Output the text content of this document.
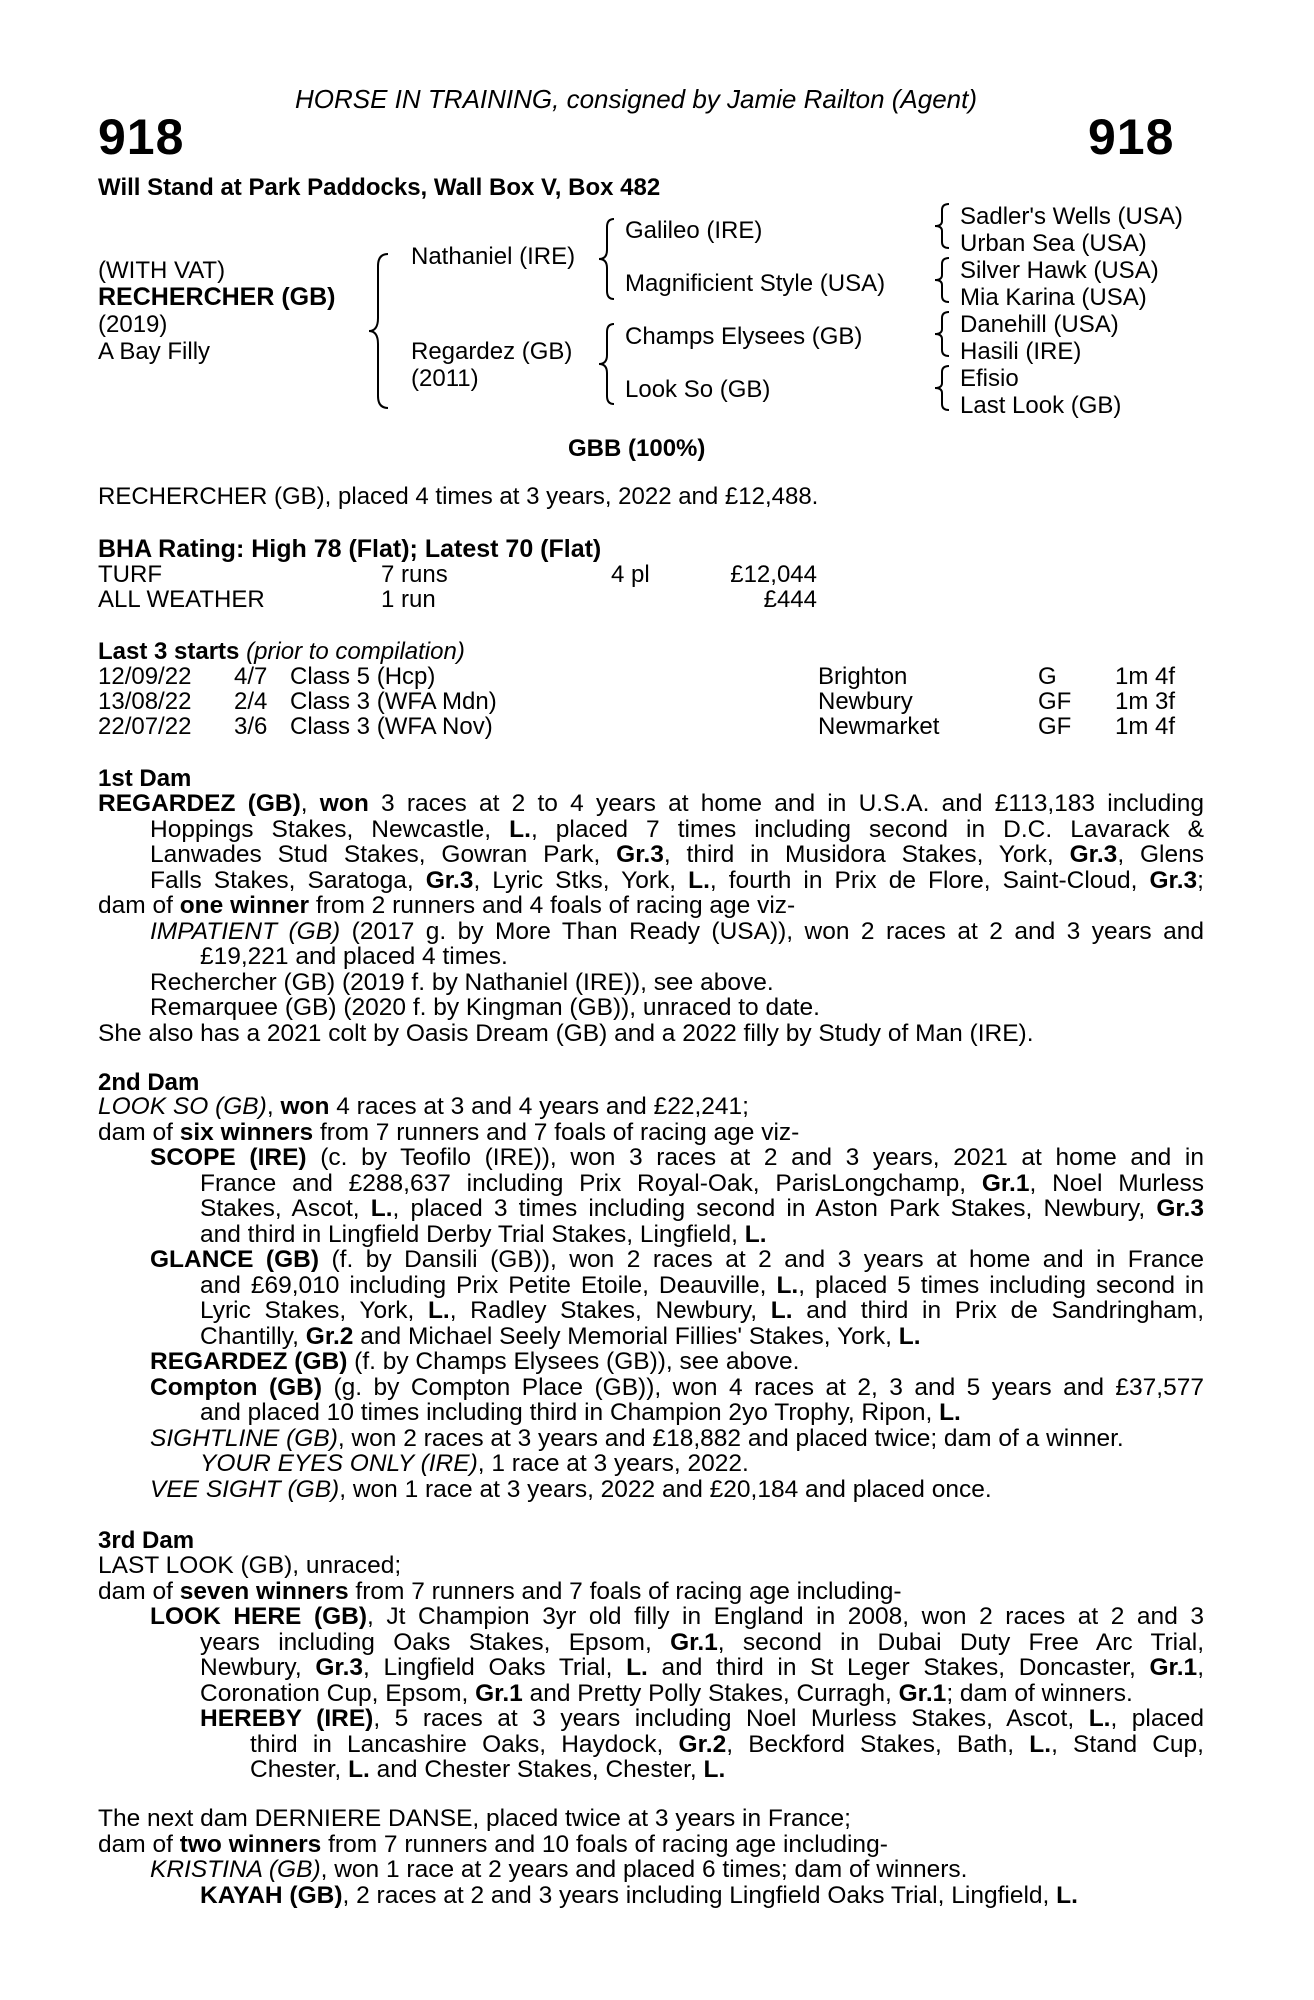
HORSE IN TRAINING, consigned by Jamie Railton (Agent)
918	918
Will Stand at Park Paddocks, Wall Box V, Box 482
(WITH VAT)
RECHERCHER (GB)
(2019)
A Bay Filly
Nathaniel (IRE)
Regardez (GB)
(2011)
Galileo (IRE)
Magnificient Style (USA)
Champs Elysees (GB)
Look So (GB)
Sadler's Wells (USA)
Urban Sea (USA)
Silver Hawk (USA)
Mia Karina (USA)
Danehill (USA)
Hasili (IRE)
Efisio
Last Look (GB)
GBB (100%)
RECHERCHER (GB), placed 4 times at 3 years, 2022 and £12,488.
BHA Rating: High 78 (Flat); Latest 70 (Flat)
TURF	7 runs	4 pl	£12,044
ALL WEATHER	1 run	£444
Last 3 starts (prior to compilation)
12/09/22 4/7 Class 5 (Hcp)	Brighton	G 1m 4f
13/08/22 2/4 Class 3 (WFA Mdn)	Newbury	GF 1m 3f
22/07/22 3/6 Class 3 (WFA Nov)	Newmarket	GF 1m 4f
1st Dam
REGARDEZ (GB), won 3 races at 2 to 4 years at home and in U.S.A. and £113,183 including
Hoppings Stakes, Newcastle, L., placed 7 times including second in D.C. Lavarack &
Lanwades Stud Stakes, Gowran Park, Gr.3, third in Musidora Stakes, York, Gr.3, Glens
Falls Stakes, Saratoga, Gr.3, Lyric Stks, York, L., fourth in Prix de Flore, Saint-Cloud, Gr.3;
dam of one winner from 2 runners and 4 foals of racing age viz-
IMPATIENT (GB) (2017 g. by More Than Ready (USA)), won 2 races at 2 and 3 years and
£19,221 and placed 4 times.
Rechercher (GB) (2019 f. by Nathaniel (IRE)), see above.
Remarquee (GB) (2020 f. by Kingman (GB)), unraced to date.
She also has a 2021 colt by Oasis Dream (GB) and a 2022 filly by Study of Man (IRE).
2nd Dam
LOOK SO (GB), won 4 races at 3 and 4 years and £22,241;
dam of six winners from 7 runners and 7 foals of racing age viz-
SCOPE (IRE) (c. by Teofilo (IRE)), won 3 races at 2 and 3 years, 2021 at home and in
France and £288,637 including Prix Royal-Oak, ParisLongchamp, Gr.1, Noel Murless
Stakes, Ascot, L., placed 3 times including second in Aston Park Stakes, Newbury, Gr.3
and third in Lingfield Derby Trial Stakes, Lingfield, L.
GLANCE (GB) (f. by Dansili (GB)), won 2 races at 2 and 3 years at home and in France
and £69,010 including Prix Petite Etoile, Deauville, L., placed 5 times including second in
Lyric Stakes, York, L., Radley Stakes, Newbury, L. and third in Prix de Sandringham,
Chantilly, Gr.2 and Michael Seely Memorial Fillies' Stakes, York, L.
REGARDEZ (GB) (f. by Champs Elysees (GB)), see above.
Compton (GB) (g. by Compton Place (GB)), won 4 races at 2, 3 and 5 years and £37,577
and placed 10 times including third in Champion 2yo Trophy, Ripon, L.
SIGHTLINE (GB), won 2 races at 3 years and £18,882 and placed twice; dam of a winner.
YOUR EYES ONLY (IRE), 1 race at 3 years, 2022.
VEE SIGHT (GB), won 1 race at 3 years, 2022 and £20,184 and placed once.
3rd Dam
LAST LOOK (GB), unraced;
dam of seven winners from 7 runners and 7 foals of racing age including-
LOOK HERE (GB), Jt Champion 3yr old filly in England in 2008, won 2 races at 2 and 3
years including Oaks Stakes, Epsom, Gr.1, second in Dubai Duty Free Arc Trial,
Newbury, Gr.3, Lingfield Oaks Trial, L. and third in St Leger Stakes, Doncaster, Gr.1,
Coronation Cup, Epsom, Gr.1 and Pretty Polly Stakes, Curragh, Gr.1; dam of winners.
HEREBY (IRE), 5 races at 3 years including Noel Murless Stakes, Ascot, L., placed
third in Lancashire Oaks, Haydock, Gr.2, Beckford Stakes, Bath, L., Stand Cup,
Chester, L. and Chester Stakes, Chester, L.
The next dam DERNIERE DANSE, placed twice at 3 years in France;
dam of two winners from 7 runners and 10 foals of racing age including-
KRISTINA (GB), won 1 race at 2 years and placed 6 times; dam of winners.
KAYAH (GB), 2 races at 2 and 3 years including Lingfield Oaks Trial, Lingfield, L.
